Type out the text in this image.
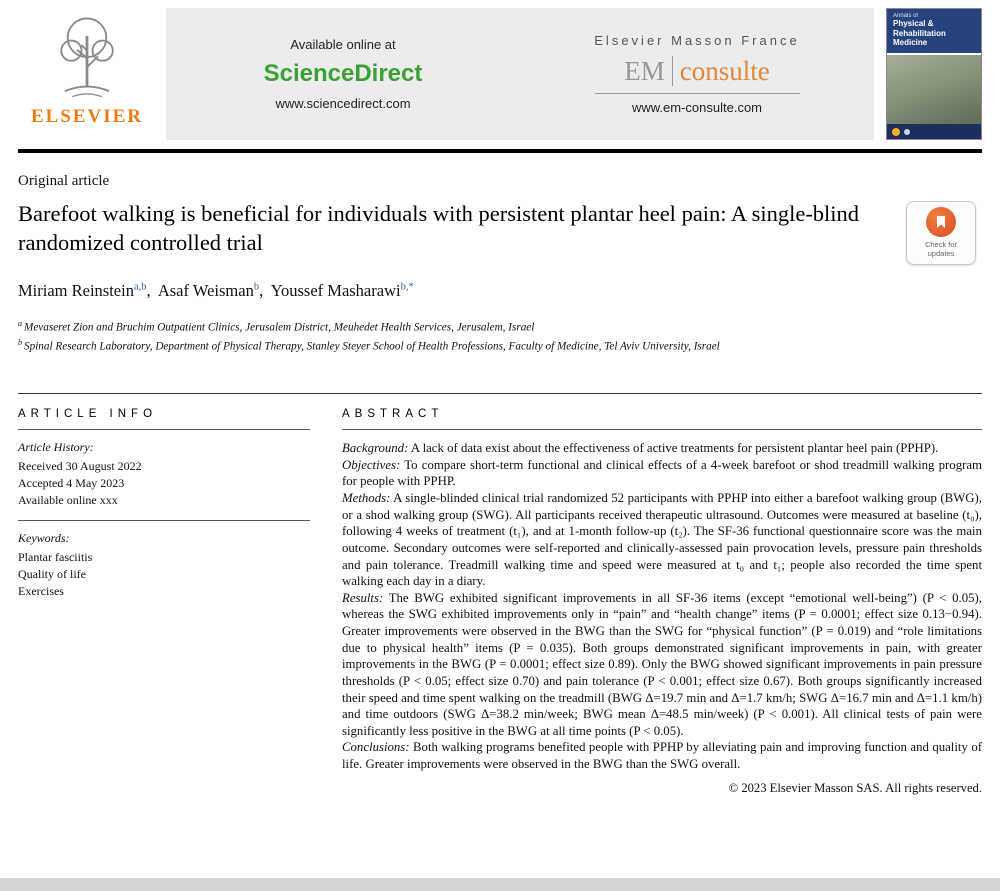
ELSEVIER
Available online at
ScienceDirect
www.sciencedirect.com
Elsevier Masson France
EM consulte
www.em-consulte.com
Annals of
Physical &
Rehabilitation
Medicine
Original article
Barefoot walking is beneficial for individuals with persistent plantar heel pain: A single-blind randomized controlled trial	Check for
updates
Miriam Reinstein$^{a,b}$, Asaf Weisman$^b$, Youssef Masharawi$^{b,*}$
$^a$ Mevaseret Zion and Bruchim Outpatient Clinics, Jerusalem District, Meuhedet Health Services, Jerusalem, Israel
$^b$ Spinal Research Laboratory, Department of Physical Therapy, Stanley Steyer School of Health Professions, Faculty of Medicine, Tel Aviv University, Israel
ARTICLE INFO
Article History:
Received 30 August 2022
Accepted 4 May 2023
Available online xxx
Keywords:
Plantar fasciitis
Quality of life
Exercises
ABSTRACT

Background: A lack of data exist about the effectiveness of active treatments for persistent plantar heel pain (PPHP).

Objectives: To compare short-term functional and clinical effects of a 4-week barefoot or shod treadmill walking program for people with PPHP.

Methods: A single-blinded clinical trial randomized 52 participants with PPHP into either a barefoot walking group (BWG), or a shod walking group (SWG). All participants received therapeutic ultrasound. Outcomes were measured at baseline (t₀), following 4 weeks of treatment (t₁), and at 1-month follow-up (t₂). The SF-36 functional questionnaire score was the main outcome. Secondary outcomes were self-reported and clinically-assessed pain provocation levels, pressure pain thresholds and pain tolerance. Treadmill walking time and speed were measured at t₀ and t₁; people also recorded the time spent walking each day in a diary.

Results: The BWG exhibited significant improvements in all SF-36 items (except “emotional well-being”) (P < 0.05), whereas the SWG exhibited improvements only in “pain” and “health change” items (P = 0.0001; effect size 0.13−0.94). Greater improvements were observed in the BWG than the SWG for “physical function” (P = 0.019) and “role limitations due to physical health” items (P = 0.035). Both groups demonstrated significant improvements in pain, with greater improvements in the BWG (P = 0.0001; effect size 0.89). Only the BWG showed significant improvements in pain pressure thresholds (P < 0.05; effect size 0.70) and pain tolerance (P < 0.001; effect size 0.67). Both groups significantly increased their speed and time spent walking on the treadmill (BWG Δ=19.7 min and Δ=1.7 km/h; SWG Δ=16.7 min and Δ=1.1 km/h) and time outdoors (SWG Δ=38.2 min/week; BWG mean Δ=48.5 min/week) (P < 0.001). All clinical tests of pain were significantly less positive in the BWG at all time points (P < 0.05).

Conclusions: Both walking programs benefited people with PPHP by alleviating pain and improving function and quality of life. Greater improvements were observed in the BWG than the SWG overall.

© 2023 Elsevier Masson SAS. All rights reserved.
